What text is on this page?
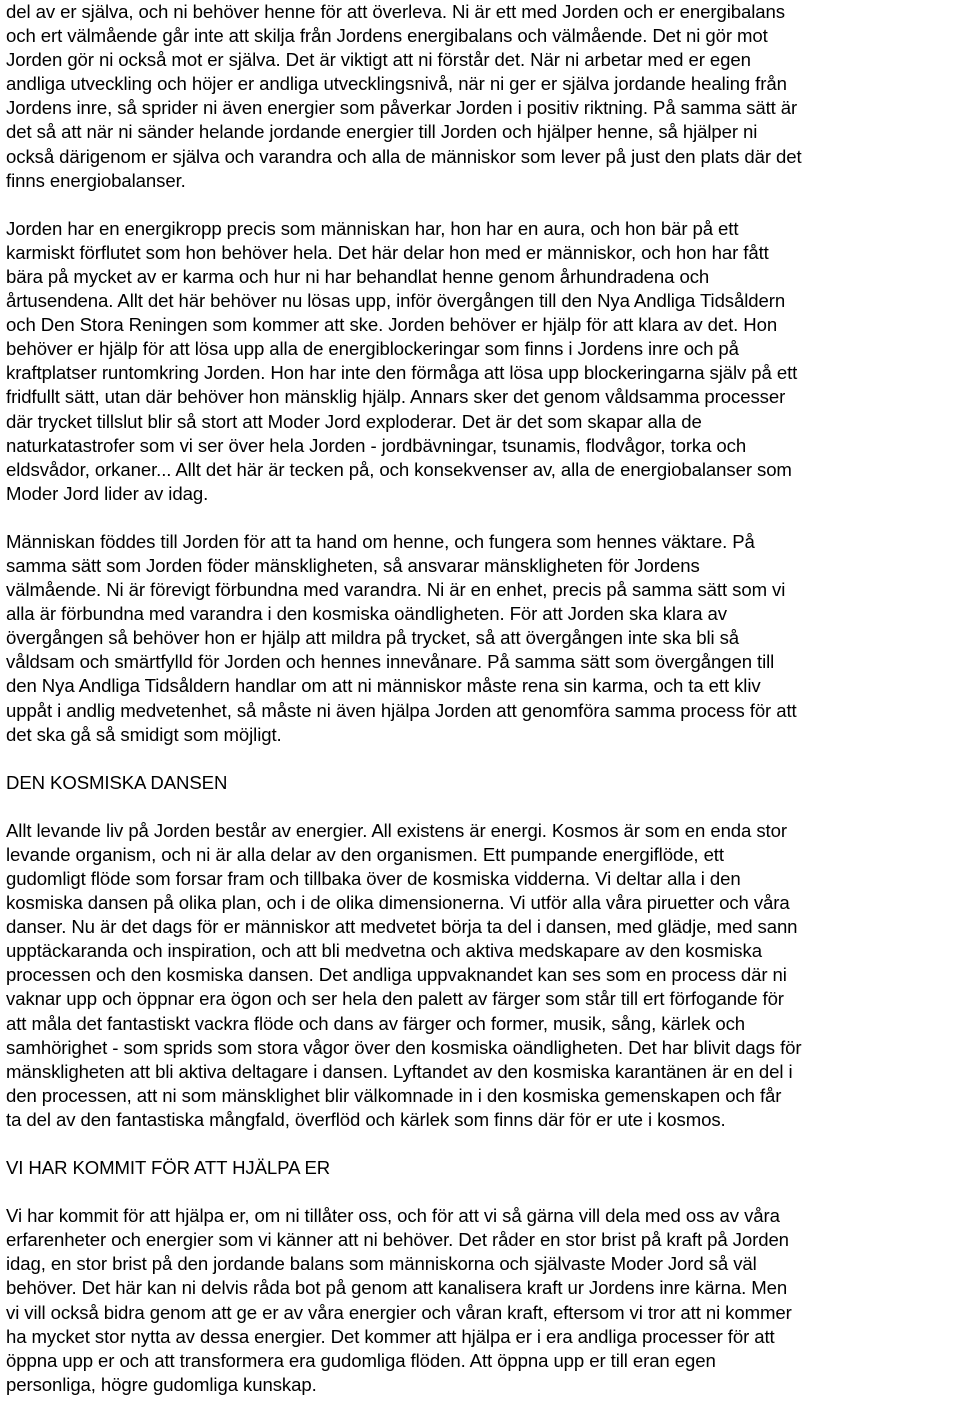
del av er själva, och ni behöver henne för att överleva. Ni är ett med Jorden och er energibalans
och ert välmående går inte att skilja från Jordens energibalans och välmående. Det ni gör mot
Jorden gör ni också mot er själva. Det är viktigt att ni förstår det. När ni arbetar med er egen
andliga utveckling och höjer er andliga utvecklingsnivå, när ni ger er själva jordande healing från
Jordens inre, så sprider ni även energier som påverkar Jorden i positiv riktning. På samma sätt är
det så att när ni sänder helande jordande energier till Jorden och hjälper henne, så hjälper ni
också därigenom er själva och varandra och alla de människor som lever på just den plats där det
finns energiobalanser.

Jorden har en energikropp precis som människan har, hon har en aura, och hon bär på ett
karmiskt förflutet som hon behöver hela. Det här delar hon med er människor, och hon har fått
bära på mycket av er karma och hur ni har behandlat henne genom århundradena och
årtusendena. Allt det här behöver nu lösas upp, inför övergången till den Nya Andliga Tidsåldern
och Den Stora Reningen som kommer att ske. Jorden behöver er hjälp för att klara av det. Hon
behöver er hjälp för att lösa upp alla de energiblockeringar som finns i Jordens inre och på
kraftplatser runtomkring Jorden. Hon har inte den förmåga att lösa upp blockeringarna själv på ett
fridfullt sätt, utan där behöver hon mänsklig hjälp. Annars sker det genom våldsamma processer
där trycket tillslut blir så stort att Moder Jord exploderar. Det är det som skapar alla de
naturkatastrofer som vi ser över hela Jorden - jordbävningar, tsunamis, flodvågor, torka och
eldsvådor, orkaner... Allt det här är tecken på, och konsekvenser av, alla de energiobalanser som
Moder Jord lider av idag.

Människan föddes till Jorden för att ta hand om henne, och fungera som hennes väktare. På
samma sätt som Jorden föder mänskligheten, så ansvarar mänskligheten för Jordens
välmående. Ni är förevigt förbundna med varandra. Ni är en enhet, precis på samma sätt som vi
alla är förbundna med varandra i den kosmiska oändligheten. För att Jorden ska klara av
övergången så behöver hon er hjälp att mildra på trycket, så att övergången inte ska bli så
våldsam och smärtfylld för Jorden och hennes innevånare. På samma sätt som övergången till
den Nya Andliga Tidsåldern handlar om att ni människor måste rena sin karma, och ta ett kliv
uppåt i andlig medvetenhet, så måste ni även hjälpa Jorden att genomföra samma process för att
det ska gå så smidigt som möjligt.

DEN KOSMISKA DANSEN

Allt levande liv på Jorden består av energier. All existens är energi. Kosmos är som en enda stor
levande organism, och ni är alla delar av den organismen. Ett pumpande energiflöde, ett
gudomligt flöde som forsar fram och tillbaka över de kosmiska vidderna. Vi deltar alla i den
kosmiska dansen på olika plan, och i de olika dimensionerna. Vi utför alla våra piruetter och våra
danser. Nu är det dags för er människor att medvetet börja ta del i dansen, med glädje, med sann
upptäckaranda och inspiration, och att bli medvetna och aktiva medskapare av den kosmiska
processen och den kosmiska dansen. Det andliga uppvaknandet kan ses som en process där ni
vaknar upp och öppnar era ögon och ser hela den palett av färger som står till ert förfogande för
att måla det fantastiskt vackra flöde och dans av färger och former, musik, sång, kärlek och
samhörighet - som sprids som stora vågor över den kosmiska oändligheten. Det har blivit dags för
mänskligheten att bli aktiva deltagare i dansen. Lyftandet av den kosmiska karantänen är en del i
den processen, att ni som mänsklighet blir välkomnade in i den kosmiska gemenskapen och får
ta del av den fantastiska mångfald, överflöd och kärlek som finns där för er ute i kosmos.

VI HAR KOMMIT FÖR ATT HJÄLPA ER

Vi har kommit för att hjälpa er, om ni tillåter oss, och för att vi så gärna vill dela med oss av våra
erfarenheter och energier som vi känner att ni behöver. Det råder en stor brist på kraft på Jorden
idag, en stor brist på den jordande balans som människorna och självaste Moder Jord så väl
behöver. Det här kan ni delvis råda bot på genom att kanalisera kraft ur Jordens inre kärna. Men
vi vill också bidra genom att ge er av våra energier och våran kraft, eftersom vi tror att ni kommer
ha mycket stor nytta av dessa energier. Det kommer att hjälpa er i era andliga processer för att
öppna upp er och att transformera era gudomliga flöden. Att öppna upp er till eran egen
personliga, högre gudomliga kunskap.
